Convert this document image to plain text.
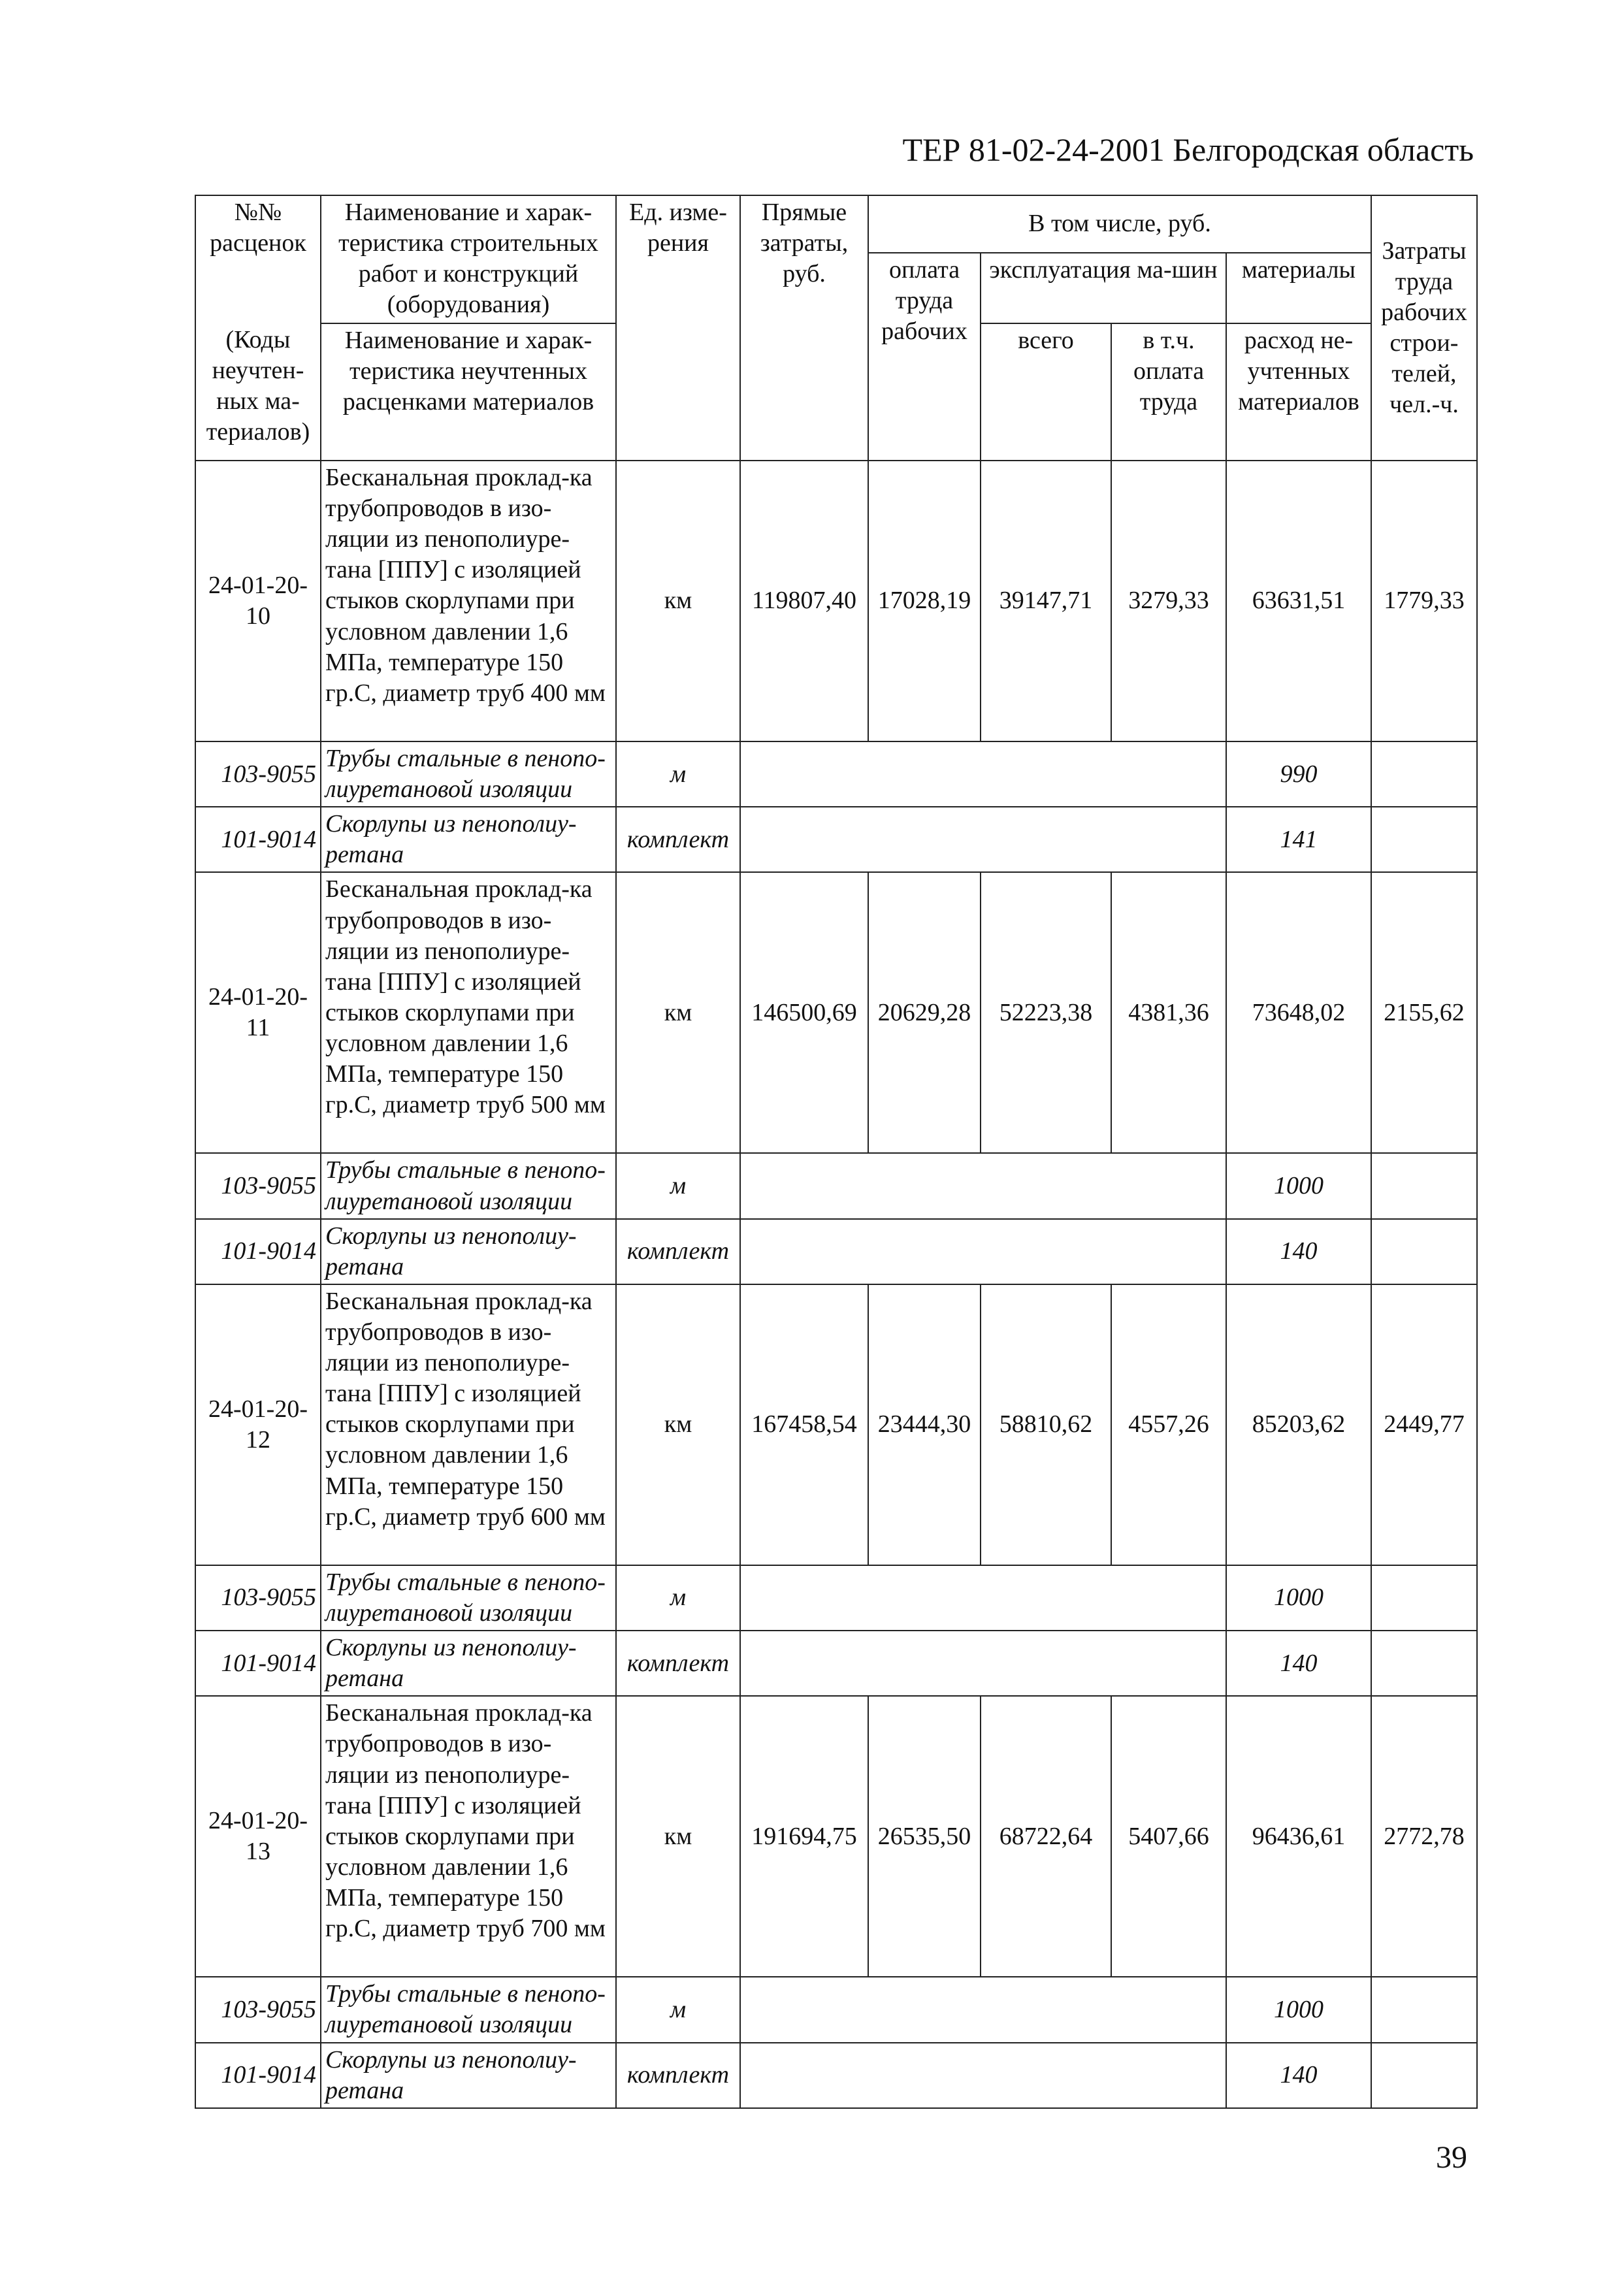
ТЕР 81-02-24-2001 Белгородская область
№№
расценок	Наименование и харак-теристика строительных работ и конструкций (оборудования)	Ед. изме-рения	Прямые затраты, руб.	В том числе, руб.				Затраты труда рабочих строи-телей, чел.-ч.
				оплата труда рабочих	эксплуатация ма-шин		материалы	
(Коды неучтен-ных ма-териалов)	Наименование и харак-теристика неучтенных расценками материалов				всего	в т.ч. оплата труда	расход не-учтенных материалов	
24-01-20-10	Бесканальная проклад-ка трубопроводов в изо-ляции из пенополиуре-тана [ППУ] с изоляцией стыков скорлупами при условном давлении 1,6 МПа, температуре 150 гр.С, диаметр труб 400 мм	км	119807,40	17028,19	39147,71	3279,33	63631,51	1779,33
103-9055	Трубы стальные в пенопо-лиуретановой изоляции	м					990	
101-9014	Скорлупы из пенополиу-ретана	комплект					141	
24-01-20-11	Бесканальная проклад-ка трубопроводов в изо-ляции из пенополиуре-тана [ППУ] с изоляцией стыков скорлупами при условном давлении 1,6 МПа, температуре 150 гр.С, диаметр труб 500 мм	км	146500,69	20629,28	52223,38	4381,36	73648,02	2155,62
103-9055	Трубы стальные в пенопо-лиуретановой изоляции	м					1000	
101-9014	Скорлупы из пенополиу-ретана	комплект					140	
24-01-20-12	Бесканальная проклад-ка трубопроводов в изо-ляции из пенополиуре-тана [ППУ] с изоляцией стыков скорлупами при условном давлении 1,6 МПа, температуре 150 гр.С, диаметр труб 600 мм	км	167458,54	23444,30	58810,62	4557,26	85203,62	2449,77
103-9055	Трубы стальные в пенопо-лиуретановой изоляции	м					1000	
101-9014	Скорлупы из пенополиу-ретана	комплект					140	
24-01-20-13	Бесканальная проклад-ка трубопроводов в изо-ляции из пенополиуре-тана [ППУ] с изоляцией стыков скорлупами при условном давлении 1,6 МПа, температуре 150 гр.С, диаметр труб 700 мм	км	191694,75	26535,50	68722,64	5407,66	96436,61	2772,78
103-9055	Трубы стальные в пенопо-лиуретановой изоляции	м					1000	
101-9014	Скорлупы из пенополиу-ретана	комплект					140	
39
